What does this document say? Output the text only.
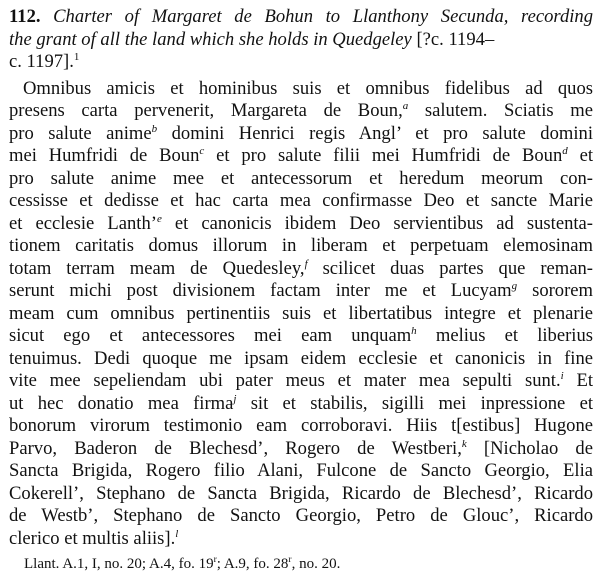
112. Charter of Margaret de Bohun to Llanthony Secunda, recording
the grant of all the land which she holds in Quedgeley [?c. 1194–
c. 1197].$^1$

Omnibus amicis et hominibus suis et omnibus fidelibus ad quos
presens carta pervenerit, Margareta de Boun,$^a$ salutem. Sciatis me
pro salute anime$^b$ domini Henrici regis Angl’ et pro salute domini
mei Humfridi de Boun$^c$ et pro salute filii mei Humfridi de Boun$^d$ et
pro salute anime mee et antecessorum et heredum meorum con-
cessisse et dedisse et hac carta mea confirmasse Deo et sancte Marie
et ecclesie Lanth’$^e$ et canonicis ibidem Deo servientibus ad sustenta-
tionem caritatis domus illorum in liberam et perpetuam elemosinam
totam terram meam de Quedesley,$^f$ scilicet duas partes que reman-
serunt michi post divisionem factam inter me et Lucyam$^g$ sororem
meam cum omnibus pertinentiis suis et libertatibus integre et plenarie
sicut ego et antecessores mei eam unquam$^h$ melius et liberius
tenuimus. Dedi quoque me ipsam eidem ecclesie et canonicis in fine
vite mee sepeliendam ubi pater meus et mater mea sepulti sunt.$^i$ Et
ut hec donatio mea firma$^j$ sit et stabilis, sigilli mei inpressione et
bonorum virorum testimonio eam corroboravi. Hiis t[estibus] Hugone
Parvo, Baderon de Blechesd’, Rogero de Westberi,$^k$ [Nicholao de
Sancta Brigida, Rogero filio Alani, Fulcone de Sancto Georgio, Elia
Cokerell’, Stephano de Sancta Brigida, Ricardo de Blechesd’, Ricardo
de Westb’, Stephano de Sancto Georgio, Petro de Glouc’, Ricardo
clerico et multis aliis].$^l$
Llant. A.1, I, no. 20; A.4, fo. 19$^r$; A.9, fo. 28$^r$, no. 20.
